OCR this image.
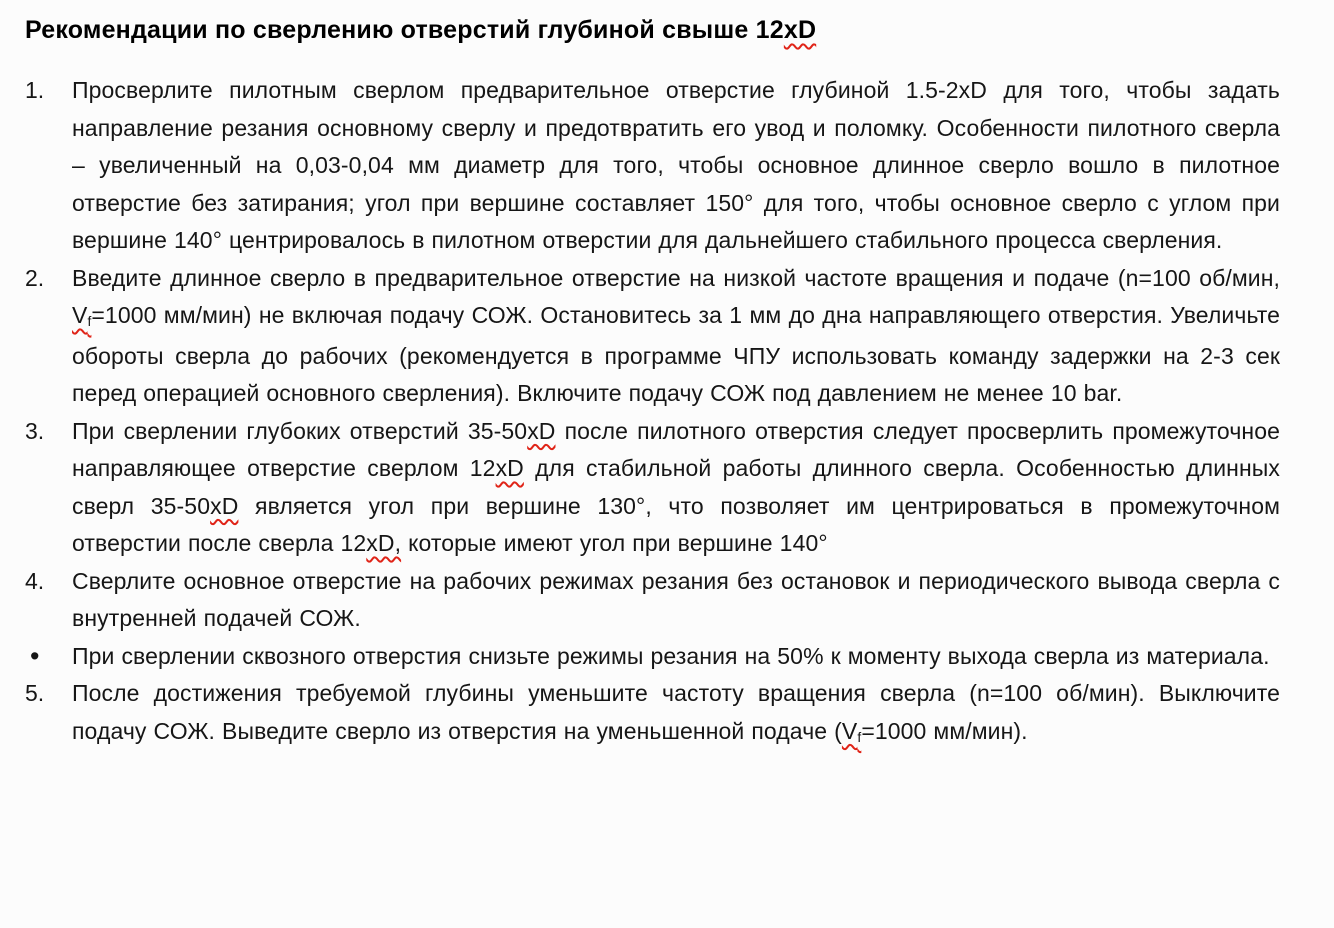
Рекомендации по сверлению отверстий глубиной свыше 12xD
1.	Просверлите пилотным сверлом предварительное отверстие глубиной 1.5-2xD для того, чтобы задать направление резания основному сверлу и предотвратить его увод и поломку. Особенности пилотного сверла – увеличенный на 0,03-0,04 мм диаметр для того, чтобы основное длинное сверло вошло в пилотное отверстие без затирания; угол при вершине составляет 150° для того, чтобы основное сверло с углом при вершине 140° центрировалось в пилотном отверстии для дальнейшего стабильного процесса сверления.
2.	Введите длинное сверло в предварительное отверстие на низкой частоте вращения и подаче (n=100 об/мин, Vf=1000 мм/мин) не включая подачу СОЖ. Остановитесь за 1 мм до дна направляющего отверстия. Увеличьте обороты сверла до рабочих (рекомендуется в программе ЧПУ использовать команду задержки на 2-3 сек перед операцией основного сверления). Включите подачу СОЖ под давлением не менее 10 bar.
3.	При сверлении глубоких отверстий 35-50xD после пилотного отверстия следует просверлить промежуточное направляющее отверстие сверлом 12xD для стабильной работы длинного сверла. Особенностью длинных сверл 35-50xD является угол при вершине 130°, что позволяет им центрироваться в промежуточном отверстии после сверла 12xD, которые имеют угол при вершине 140°
4.	Сверлите основное отверстие на рабочих режимах резания без остановок и периодического вывода сверла с внутренней подачей СОЖ.
•	При сверлении сквозного отверстия снизьте режимы резания на 50% к моменту выхода сверла из материала.
5.	После достижения требуемой глубины уменьшите частоту вращения сверла (n=100 об/мин). Выключите подачу СОЖ. Выведите сверло из отверстия на уменьшенной подаче (Vf=1000 мм/мин).
